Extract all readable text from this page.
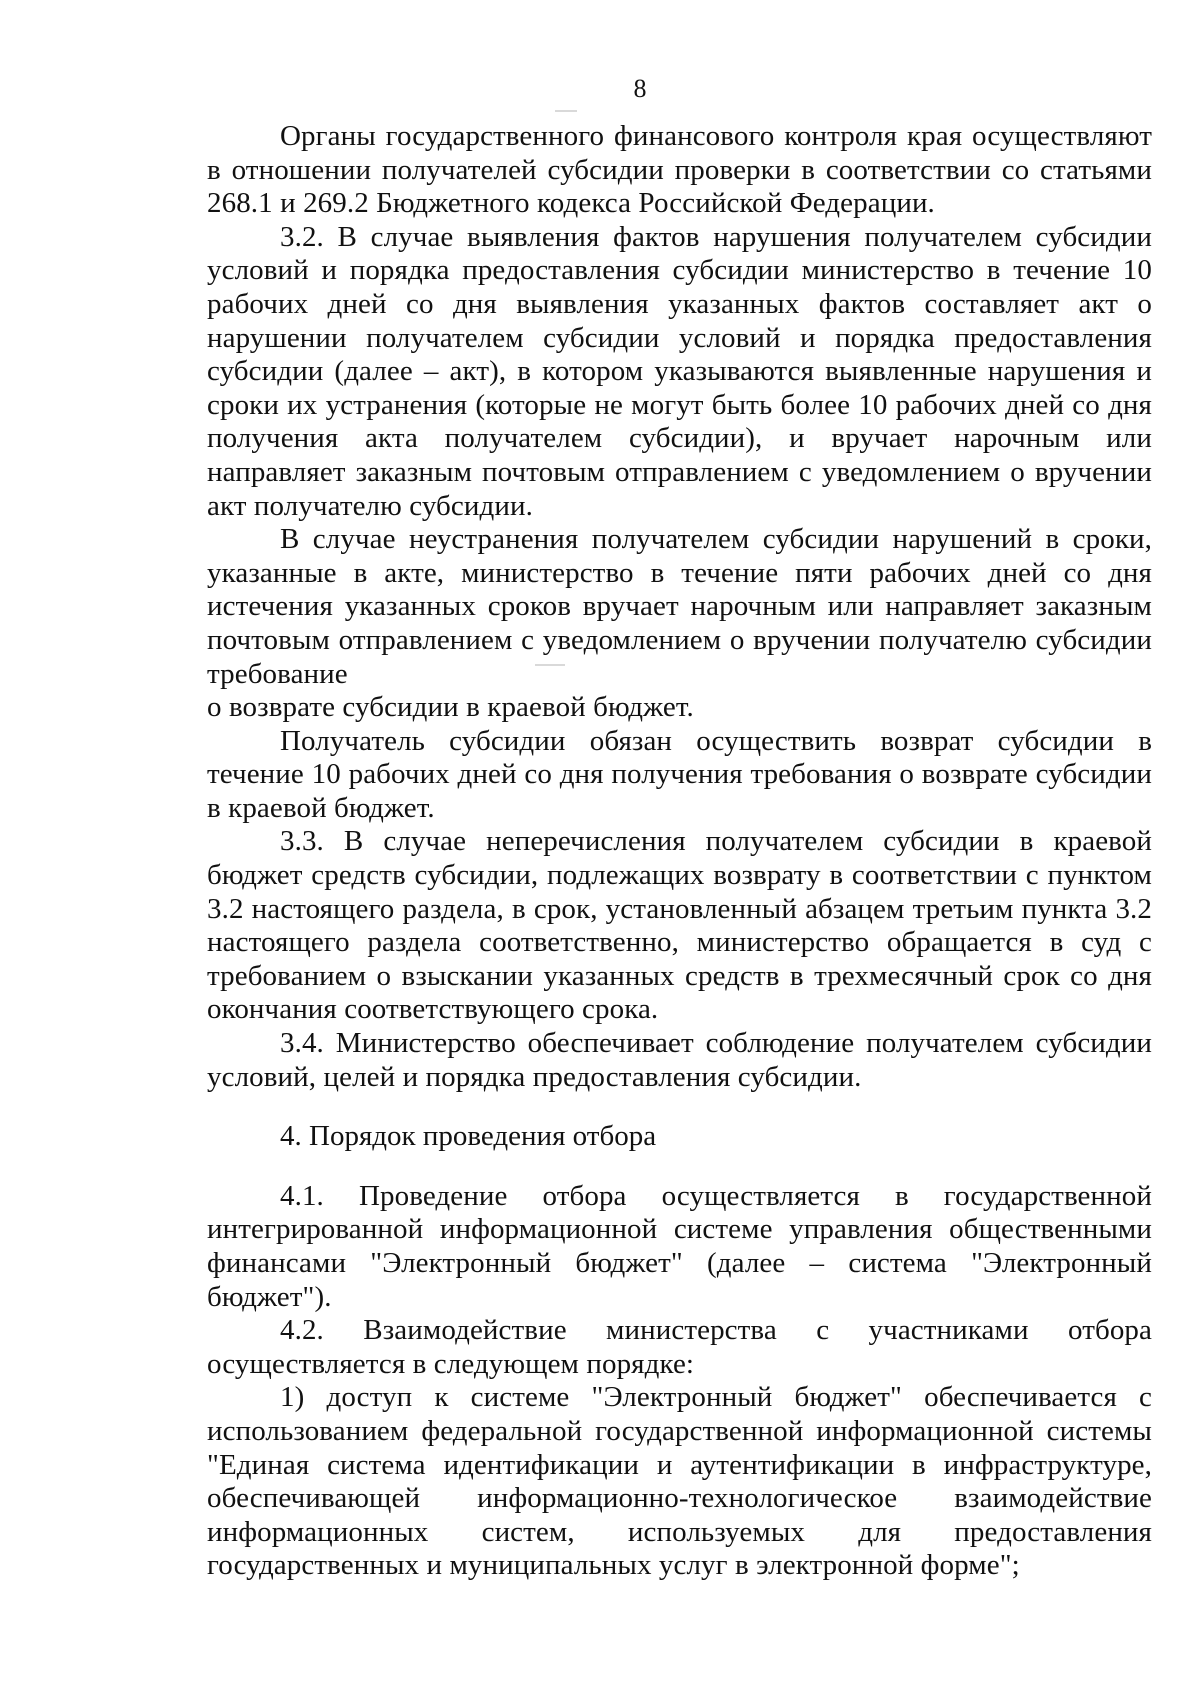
8

Органы государственного финансового контроля края осуществляют в отношении получателей субсидии проверки в соответствии со статьями 268.1 и 269.2 Бюджетного кодекса Российской Федерации.

3.2. В случае выявления фактов нарушения получателем субсидии условий и порядка предоставления субсидии министерство в течение 10 рабочих дней со дня выявления указанных фактов составляет акт о нарушении получателем субсидии условий и порядка предоставления субсидии (далее – акт), в котором указываются выявленные нарушения и сроки их устранения (которые не могут быть более 10 рабочих дней со дня получения акта получателем субсидии), и вручает нарочным или направляет заказным почтовым отправлением с уведомлением о вручении акт получателю субсидии.

В случае неустранения получателем субсидии нарушений в сроки, указанные в акте, министерство в течение пяти рабочих дней со дня истечения указанных сроков вручает нарочным или направляет заказным почтовым отправлением с уведомлением о вручении получателю субсидии требование

о возврате субсидии в краевой бюджет.

Получатель субсидии обязан осуществить возврат субсидии в течение 10 рабочих дней со дня получения требования о возврате субсидии в краевой бюджет.

3.3. В случае неперечисления получателем субсидии в краевой бюджет средств субсидии, подлежащих возврату в соответствии с пунктом 3.2 настоящего раздела, в срок, установленный абзацем третьим пункта 3.2 настоящего раздела соответственно, министерство обращается в суд с требованием о взыскании указанных средств в трехмесячный срок со дня окончания соответствующего срока.

3.4. Министерство обеспечивает соблюдение получателем субсидии условий, целей и порядка предоставления субсидии.

4. Порядок проведения отбора

4.1. Проведение отбора осуществляется в государственной интегрированной информационной системе управления общественными финансами "Электронный бюджет" (далее – система "Электронный бюджет").

4.2. Взаимодействие министерства с участниками отбора осуществляется в следующем порядке:

1) доступ к системе "Электронный бюджет" обеспечивается с использованием федеральной государственной информационной системы "Единая система идентификации и аутентификации в инфраструктуре, обеспечивающей информационно-технологическое взаимодействие информационных систем, используемых для предоставления государственных и муниципальных услуг в электронной форме";
